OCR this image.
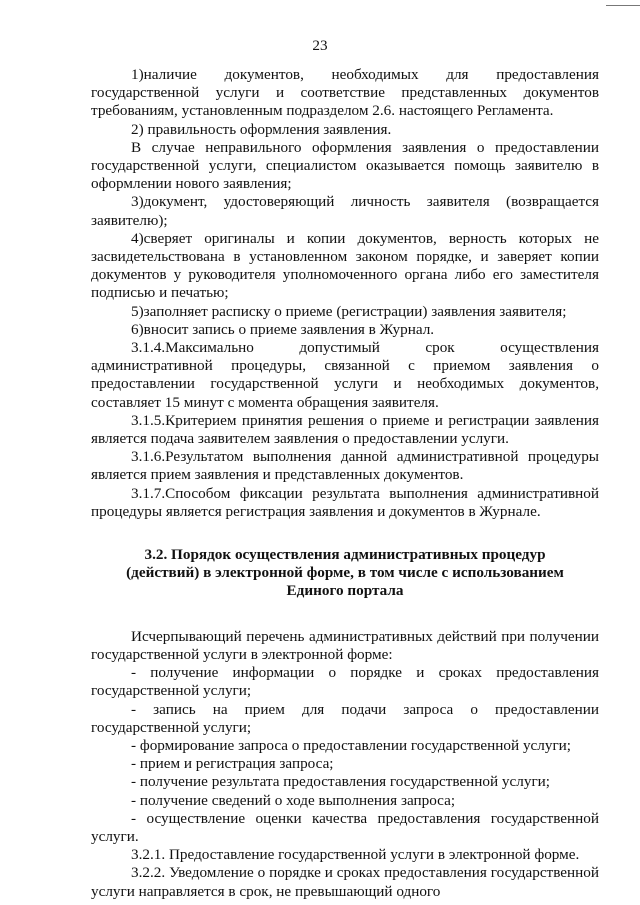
23

1)наличие документов, необходимых для предоставления государственной услуги и соответствие представленных документов требованиям, установленным подразделом 2.6. настоящего Регламента.

2) правильность оформления заявления.

В случае неправильного оформления заявления о предоставлении государственной услуги, специалистом оказывается помощь заявителю в оформлении нового заявления;

3)документ, удостоверяющий личность заявителя (возвращается заявителю);

4)сверяет оригиналы и копии документов, верность которых не засвидетельствована в установленном законом порядке, и заверяет копии документов у руководителя уполномоченного органа либо его заместителя подписью и печатью;

5)заполняет расписку о приеме (регистрации) заявления заявителя;

6)вносит запись о приеме заявления в Журнал.

3.1.4.Максимально допустимый срок осуществления административной процедуры, связанной с приемом заявления о предоставлении государственной услуги и необходимых документов, составляет 15 минут с момента обращения заявителя.

3.1.5.Критерием принятия решения о приеме и регистрации заявления является подача заявителем заявления о предоставлении услуги.

3.1.6.Результатом выполнения данной административной процедуры является прием заявления и представленных документов.

3.1.7.Способом фиксации результата выполнения административной процедуры является регистрация заявления и документов в Журнале.

3.2. Порядок осуществления административных процедур

(действий) в электронной форме, в том числе с использованием

Единого портала

Исчерпывающий перечень административных действий при получении государственной услуги в электронной форме:

- получение информации о порядке и сроках предоставления государственной услуги;

- запись на прием для подачи запроса о предоставлении государственной услуги;

- формирование запроса о предоставлении государственной услуги;

- прием и регистрация запроса;

- получение результата предоставления государственной услуги;

- получение сведений о ходе выполнения запроса;

- осуществление оценки качества предоставления государственной услуги.

3.2.1. Предоставление государственной услуги в электронной форме.

3.2.2. Уведомление о порядке и сроках предоставления государственной услуги направляется в срок, не превышающий одного
